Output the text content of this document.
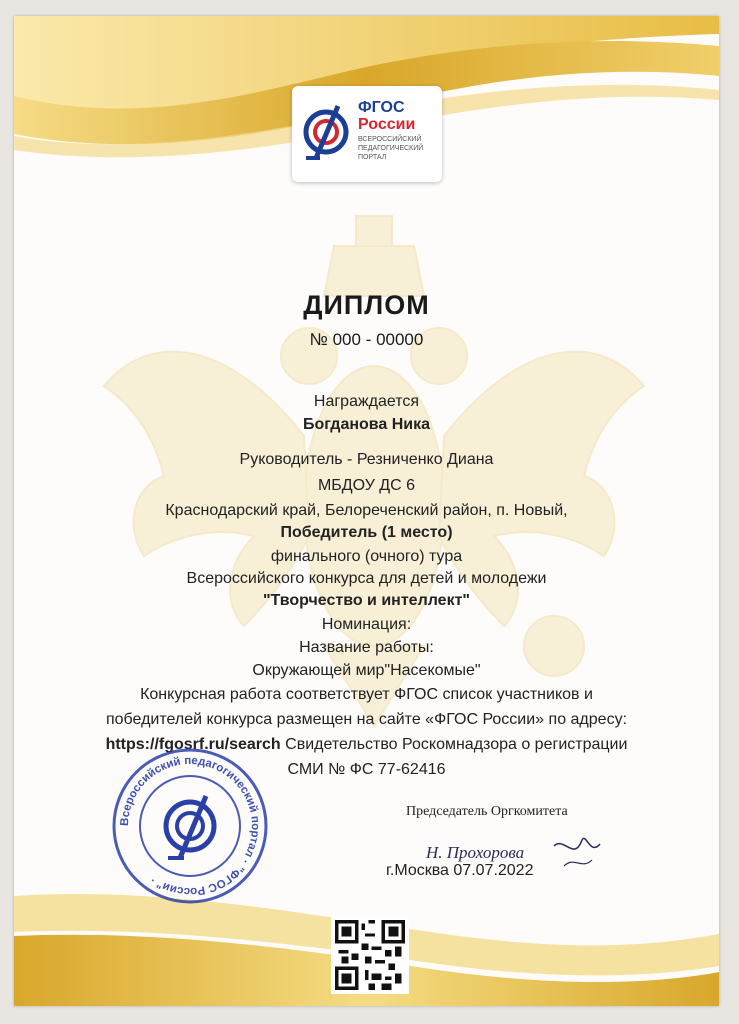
ФГОС
России
ВСЕРОССИЙСКИЙ ПЕДАГОГИЧЕСКИЙ ПОРТАЛ
ДИПЛОМ
№ 000 - 00000
Награждается
Богданова Ника
Руководитель - Резниченко Диана
МБДОУ ДС 6
Краснодарский край, Белореченский район, п. Новый,
Победитель (1 место)
финального (очного) тура
Всероссийского конкурса для детей и молодежи
"Творчество и интеллект"
Номинация:
Название работы:
Окружающей мир"Насекомые"
Конкурсная работа соответствует ФГОС список участников и
победителей конкурса размещен на сайте «ФГОС России» по адресу:
https://fgosrf.ru/search Свидетельство Роскомнадзора о регистрации
СМИ № ФС 77-62416
Всероссийский педагогический портал · "ФГОС России" ·
Председатель Оргкомитета
Н. Прохорова
г.Москва 07.07.2022
